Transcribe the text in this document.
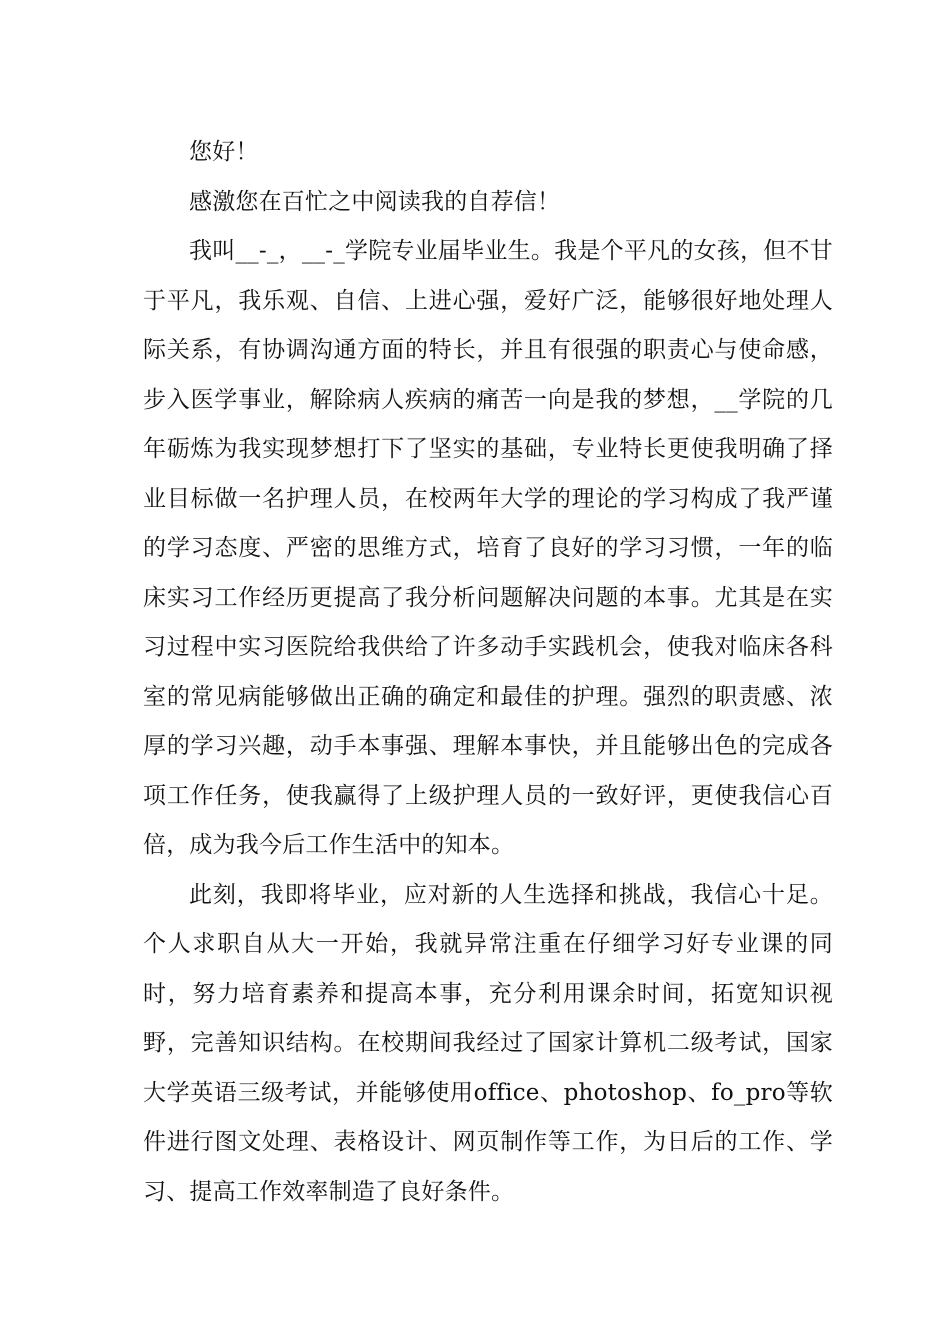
您好！

感激您在百忙之中阅读我的自荐信！

我叫__-_，__-_学院专业届毕业生。我是个平凡的女孩，但不甘于平凡，我乐观、自信、上进心强，爱好广泛，能够很好地处理人际关系，有协调沟通方面的特长，并且有很强的职责心与使命感，步入医学事业，解除病人疾病的痛苦一向是我的梦想，__学院的几年砺炼为我实现梦想打下了坚实的基础，专业特长更使我明确了择业目标做一名护理人员，在校两年大学的理论的学习构成了我严谨的学习态度、严密的思维方式，培育了良好的学习习惯，一年的临床实习工作经历更提高了我分析问题解决问题的本事。尤其是在实习过程中实习医院给我供给了许多动手实践机会，使我对临床各科室的常见病能够做出正确的确定和最佳的护理。强烈的职责感、浓厚的学习兴趣，动手本事强、理解本事快，并且能够出色的完成各项工作任务，使我赢得了上级护理人员的一致好评，更使我信心百倍，成为我今后工作生活中的知本。

此刻，我即将毕业，应对新的人生选择和挑战，我信心十足。个人求职自从大一开始，我就异常注重在仔细学习好专业课的同时，努力培育素养和提高本事，充分利用课余时间，拓宽知识视野，完善知识结构。在校期间我经过了国家计算机二级考试，国家大学英语三级考试，并能够使用office、photoshop、fo_pro等软件进行图文处理、表格设计、网页制作等工作，为日后的工作、学习、提高工作效率制造了良好条件。
